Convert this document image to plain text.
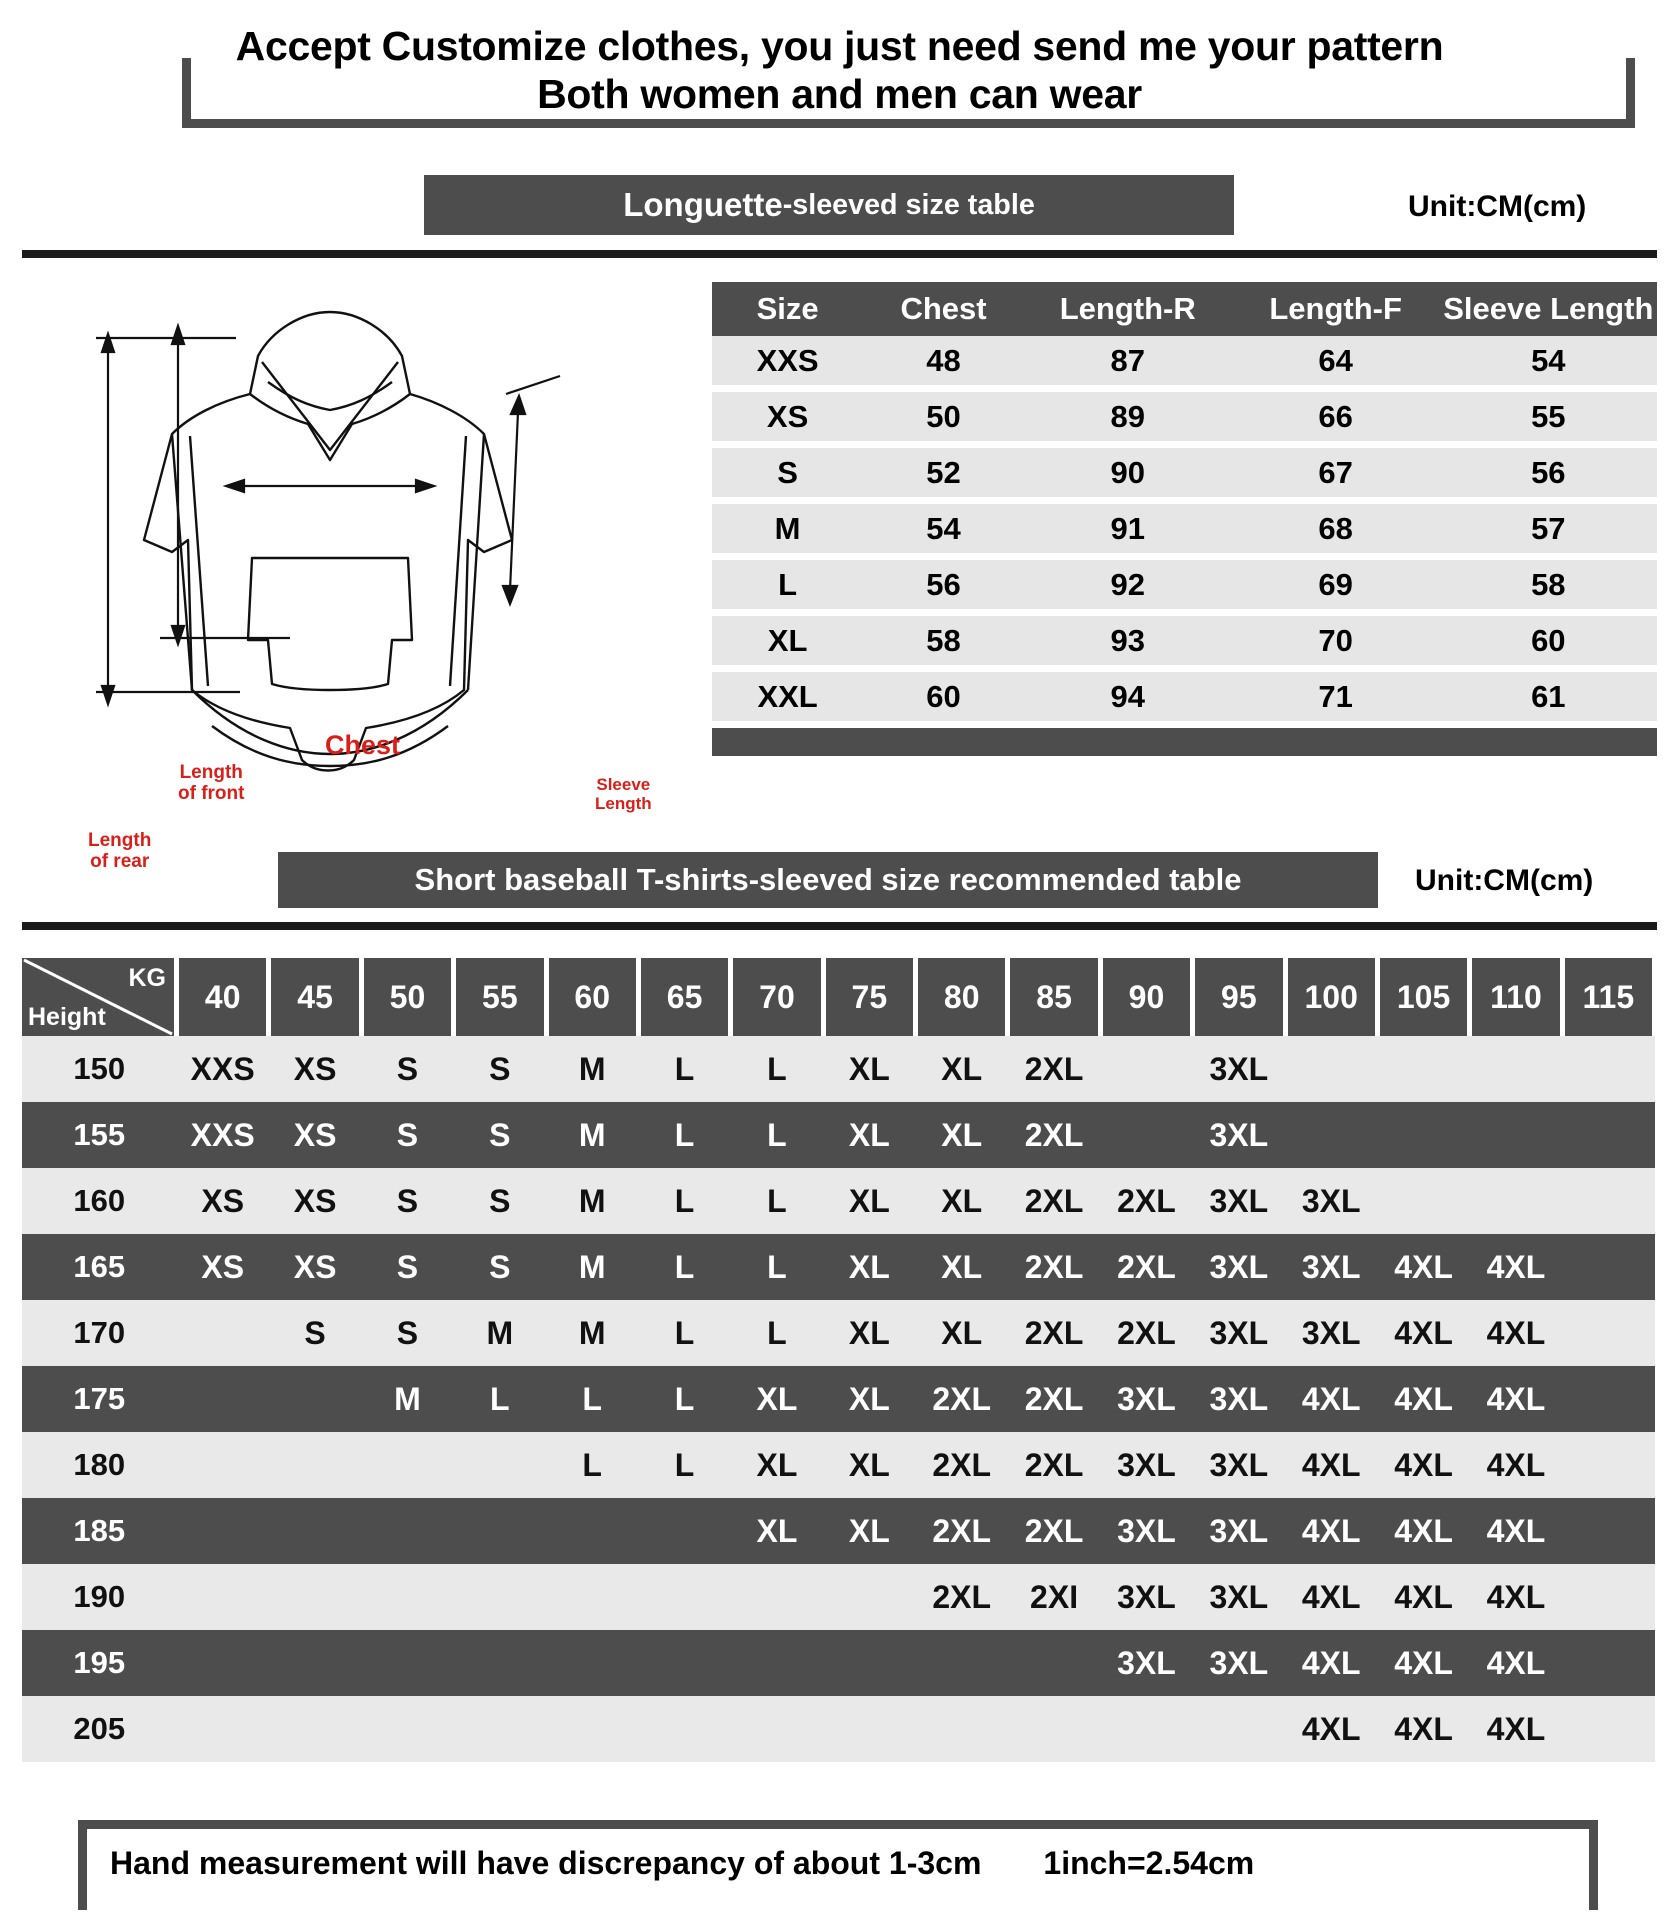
Accept Customize clothes, you just need send me your pattern
Both women and men can wear
Longuette -sleeved size table	Unit:CM(cm)
Chest
Length
of front
Length
of rear
Sleeve
Length
Size	Chest	Length-R	Length-F	Sleeve Length
XXS	48	87	64	54
XS	50	89	66	55
S	52	90	67	56
M	54	91	68	57
L	56	92	69	58
XL	58	93	70	60
XXL	60	94	71	61

Short baseball T-shirts-sleeved size recommended table	Unit:CM(cm)
KG
Height	40	45	50	55	60	65	70	75	80	85	90	95	100	105	110	115
150	XXS	XS	S	S	M	L	L	XL	XL	2XL		3XL				
155	XXS	XS	S	S	M	L	L	XL	XL	2XL		3XL				
160	XS	XS	S	S	M	L	L	XL	XL	2XL	2XL	3XL	3XL			
165	XS	XS	S	S	M	L	L	XL	XL	2XL	2XL	3XL	3XL	4XL	4XL	
170		S	S	M	M	L	L	XL	XL	2XL	2XL	3XL	3XL	4XL	4XL	
175			M	L	L	L	XL	XL	2XL	2XL	3XL	3XL	4XL	4XL	4XL	
180					L	L	XL	XL	2XL	2XL	3XL	3XL	4XL	4XL	4XL	
185							XL	XL	2XL	2XL	3XL	3XL	4XL	4XL	4XL	
190									2XL	2XI	3XL	3XL	4XL	4XL	4XL	
195											3XL	3XL	4XL	4XL	4XL	
205													4XL	4XL	4XL	
Hand measurement will have discrepancy of about 1-3cm 1inch=2.54cm
